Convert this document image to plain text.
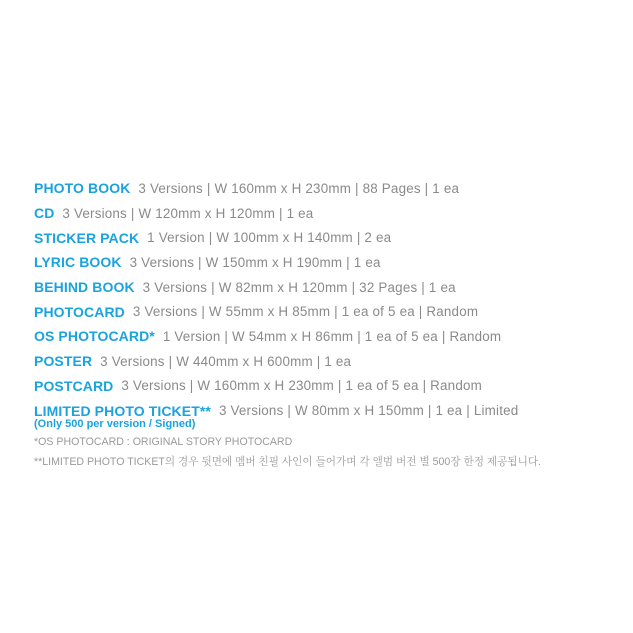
PHOTO BOOK 3 Versions | W 160mm x H 230mm | 88 Pages | 1 ea
CD 3 Versions | W 120mm x H 120mm | 1 ea
STICKER PACK 1 Version | W 100mm x H 140mm | 2 ea
LYRIC BOOK 3 Versions | W 150mm x H 190mm | 1 ea
BEHIND BOOK 3 Versions | W 82mm x H 120mm | 32 Pages | 1 ea
PHOTOCARD 3 Versions | W 55mm x H 85mm | 1 ea of 5 ea | Random
OS PHOTOCARD* 1 Version | W 54mm x H 86mm | 1 ea of 5 ea | Random
POSTER 3 Versions | W 440mm x H 600mm | 1 ea
POSTCARD 3 Versions | W 160mm x H 230mm | 1 ea of 5 ea | Random
LIMITED PHOTO TICKET** 3 Versions | W 80mm x H 150mm | 1 ea | Limited

(Only 500 per version / Signed)

*OS PHOTOCARD : ORIGINAL STORY PHOTOCARD

**LIMITED PHOTO TICKET의 경우 뒷면에 멤버 친필 사인이 들어가며 각 앨범 버전 별 500장 한정 제공됩니다.
